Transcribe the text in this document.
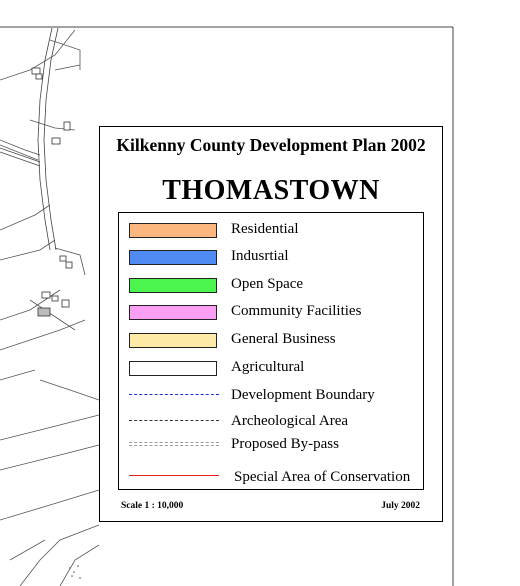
Kilkenny County Development Plan 2002
THOMASTOWN
Residential
Indusrtial
Open Space
Community Facilities
General Business
Agricultural
Development Boundary
Archeological Area
Proposed By-pass
Special Area of Conservation
Scale 1 : 10,000	July 2002
